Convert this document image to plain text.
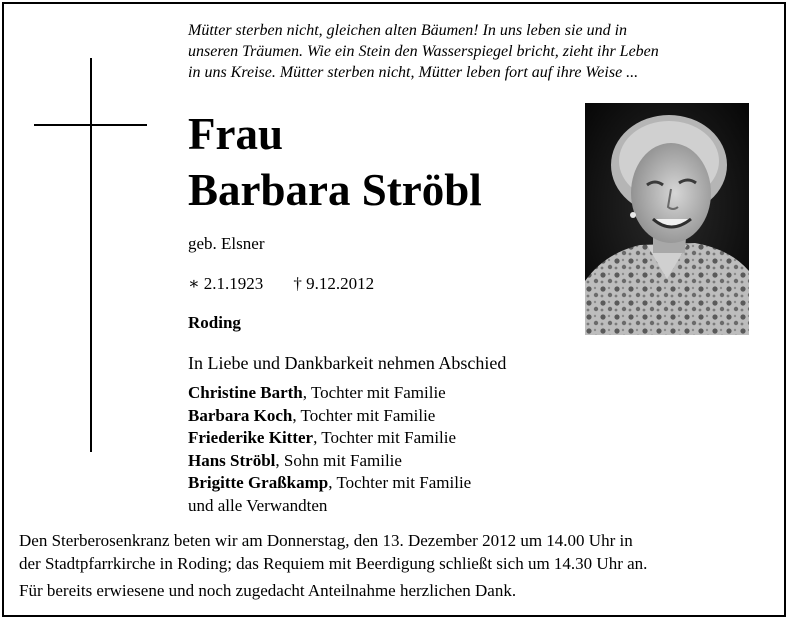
Mütter sterben nicht, gleichen alten Bäumen! In uns leben sie und in
unseren Träumen. Wie ein Stein den Wasserspiegel bricht, zieht ihr Leben
in uns Kreise. Mütter sterben nicht, Mütter leben fort auf ihre Weise ...
Frau
Barbara Ströbl
geb. Elsner
∗ 2.1.1923 † 9.12.2012
Roding
In Liebe und Dankbarkeit nehmen Abschied
Christine Barth, Tochter mit Familie
Barbara Koch, Tochter mit Familie
Friederike Kitter, Tochter mit Familie
Hans Ströbl, Sohn mit Familie
Brigitte Graßkamp, Tochter mit Familie
und alle Verwandten
Den Sterberosenkranz beten wir am Donnerstag, den 13. Dezember 2012 um 14.00 Uhr in
der Stadtpfarrkirche in Roding; das Requiem mit Beerdigung schließt sich um 14.30 Uhr an.
Für bereits erwiesene und noch zugedacht Anteilnahme herzlichen Dank.
